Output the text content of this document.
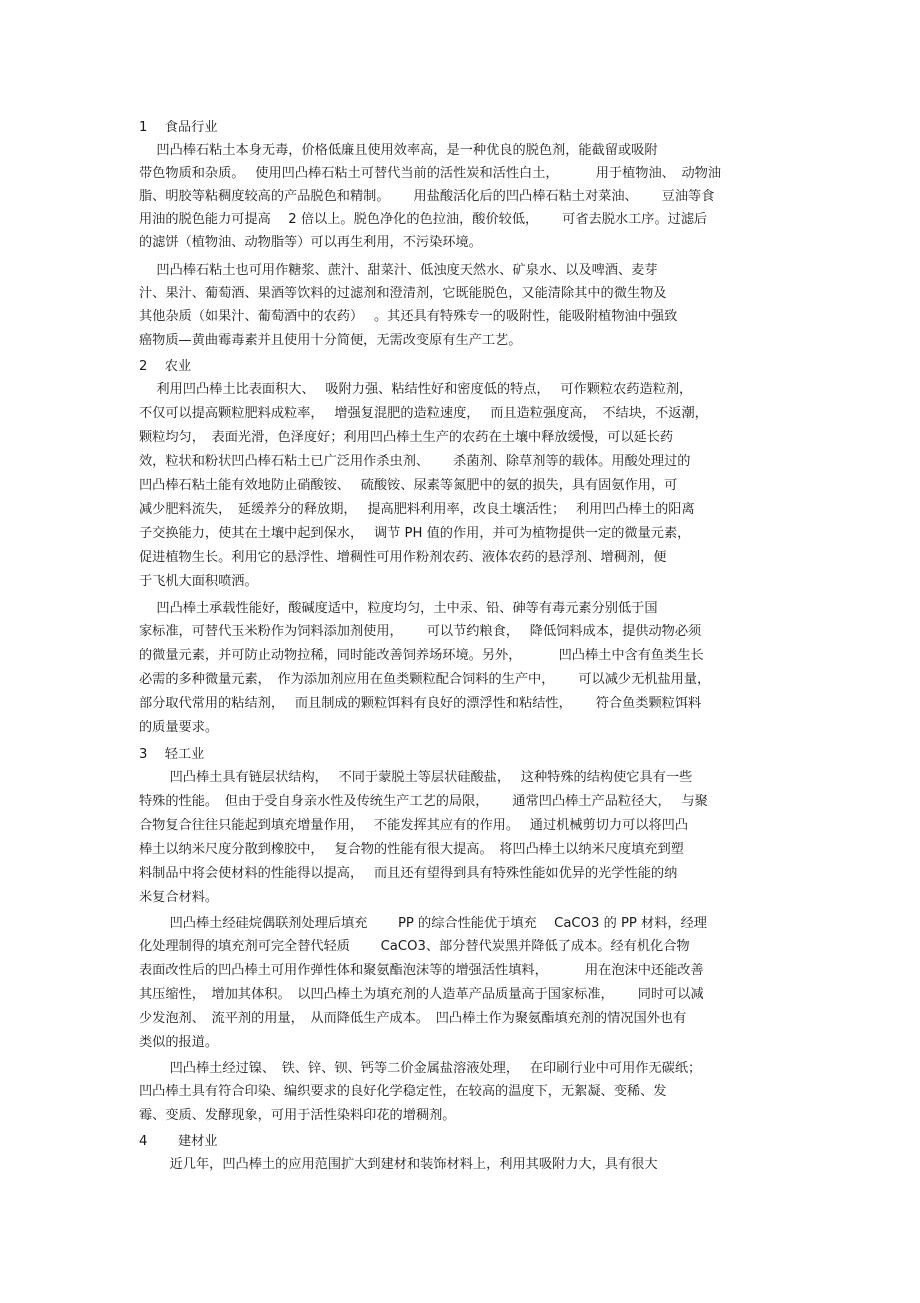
1　 食品行业
　 凹凸棒石粘土本身无毒，价格低廉且使用效率高，是一种优良的脱色剂，能截留或吸附
带色物质和杂质。　 使用凹凸棒石粘土可替代当前的活性炭和活性白土，　　　 用于植物油、　动物油
脂、明胶等粘稠度较高的产品脱色和精制。　　 用盐酸活化后的凹凸棒石粘土对菜油、　　 豆油等食
用油的脱色能力可提高　 2 倍以上。脱色净化的色拉油，酸价较低，　　 可省去脱水工序。过滤后
的滤饼（植物油、动物脂等）可以再生利用，不污染环境。
　 凹凸棒石粘土也可用作糖浆、蔗汁、甜菜汁、低浊度天然水、矿泉水、以及啤酒、麦芽
汁、果汁、葡萄酒、果酒等饮料的过滤剂和澄清剂，它既能脱色，又能清除其中的微生物及
其他杂质（如果汁、葡萄酒中的农药）　 。其还具有特殊专一的吸附性，能吸附植物油中强致
癌物质—黄曲霉毒素并且使用十分简便，无需改变原有生产工艺。
2　 农业
　 利用凹凸棒土比表面积大、　 吸附力强、粘结性好和密度低的特点，　 可作颗粒农药造粒剂，
不仅可以提高颗粒肥料成粒率，　 增强复混肥的造粒速度，　 而且造粒强度高，　不结块，不返潮，
颗粒均匀，　表面光滑，色泽度好；利用凹凸棒土生产的农药在土壤中释放缓慢，可以延长药
效，粒状和粉状凹凸棒石粘土已广泛用作杀虫剂、　　 杀菌剂、除草剂等的载体。用酸处理过的
凹凸棒石粘土能有效地防止硝酸铵、　 硫酸铵、尿素等氮肥中的氨的损失，具有固氨作用，可
减少肥料流失，　延缓养分的释放期，　 提高肥料利用率，改良土壤活性；　 利用凹凸棒土的阳离
子交换能力，使其在土壤中起到保水，　 调节 PH 值的作用，并可为植物提供一定的微量元素，
促进植物生长。利用它的悬浮性、增稠性可用作粉剂农药、液体农药的悬浮剂、增稠剂，便
于飞机大面积喷洒。
　 凹凸棒土承载性能好，酸碱度适中，粒度均匀，土中汞、铅、砷等有毒元素分别低于国
家标准，可替代玉米粉作为饲料添加剂使用，　　 可以节约粮食，　 降低饲料成本，提供动物必须
的微量元素，并可防止动物拉稀，同时能改善饲养场环境。另外，　　　 凹凸棒土中含有鱼类生长
必需的多种微量元素，　作为添加剂应用在鱼类颗粒配合饲料的生产中，　　 可以减少无机盐用量，
部分取代常用的粘结剂，　 而且制成的颗粒饵料有良好的漂浮性和粘结性，　　 符合鱼类颗粒饵料
的质量要求。
3　 轻工业
　　 凹凸棒土具有链层状结构，　 不同于蒙脱土等层状硅酸盐，　 这种特殊的结构使它具有一些
特殊的性能。　但由于受自身亲水性及传统生产工艺的局限，　　 通常凹凸棒土产品粒径大，　 与聚
合物复合往往只能起到填充增量作用，　 不能发挥其应有的作用。　 通过机械剪切力可以将凹凸
棒土以纳米尺度分散到橡胶中，　 复合物的性能有很大提高。　将凹凸棒土以纳米尺度填充到塑
料制品中将会使材料的性能得以提高，　 而且还有望得到具有特殊性能如优异的光学性能的纳
米复合材料。
　　 凹凸棒土经硅烷偶联剂处理后填充　　 PP 的综合性能优于填充　 CaCO3 的 PP 材料，经理
化处理制得的填充剂可完全替代轻质　　 CaCO3、部分替代炭黑并降低了成本。经有机化合物
表面改性后的凹凸棒土可用作弹性体和聚氨酯泡沫等的增强活性填料，　　　 用在泡沫中还能改善
其压缩性，　增加其体积。　以凹凸棒土为填充剂的人造革产品质量高于国家标准，　　 同时可以减
少发泡剂、　流平剂的用量，　从而降低生产成本。　凹凸棒土作为聚氨酯填充剂的情况国外也有
类似的报道。
　　 凹凸棒土经过镍、　铁、锌、钡、钙等二价金属盐溶液处理，　 在印刷行业中可用作无碳纸；
凹凸棒土具有符合印染、编织要求的良好化学稳定性，在较高的温度下，无絮凝、变稀、发
霉、变质、发酵现象，可用于活性染料印花的增稠剂。
4　　 建材业
　　 近几年，凹凸棒土的应用范围扩大到建材和装饰材料上，利用其吸附力大，具有很大
